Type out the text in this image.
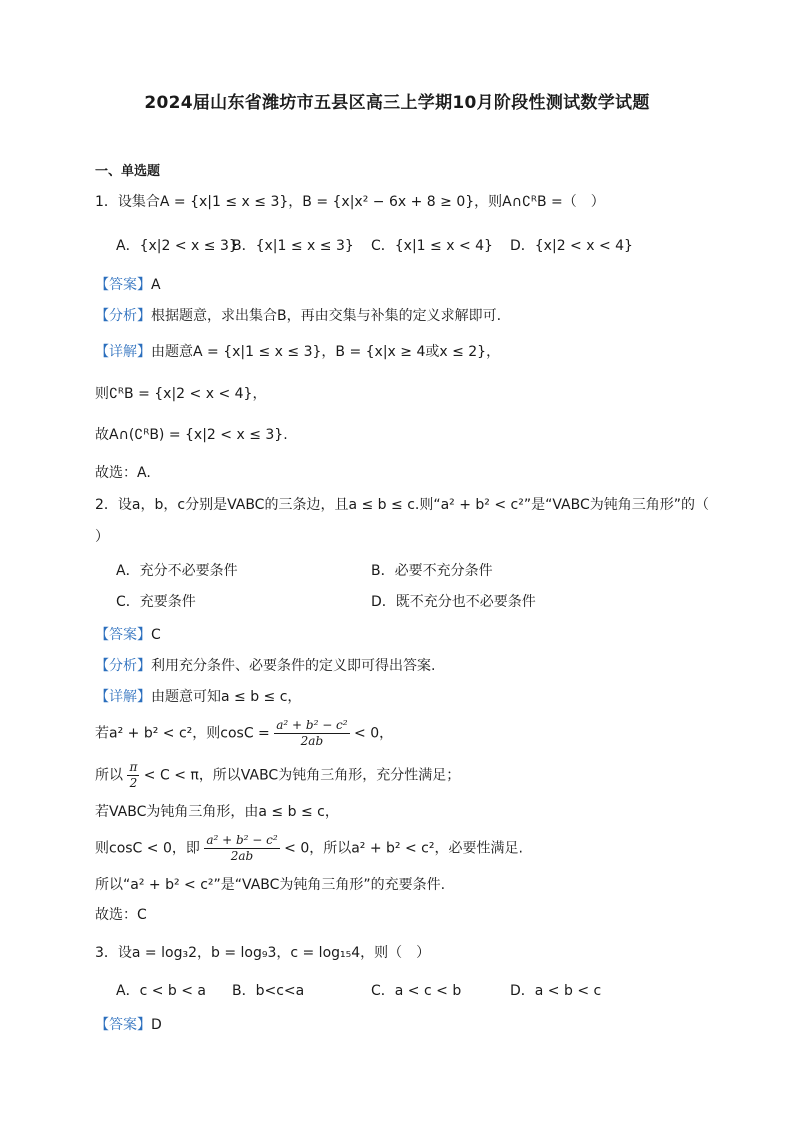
2024届山东省潍坊市五县区高三上学期10月阶段性测试数学试题
一、单选题
1．设集合A = {x|1 ≤ x ≤ 3}，B = {x|x² − 6x + 8 ≥ 0}，则A∩∁ᴿB =（　）
A．{x|2 < x ≤ 3}
B．{x|1 ≤ x ≤ 3} C．{x|1 ≤ x < 4} D．{x|2 < x < 4}
【答案】A
【分析】根据题意，求出集合B，再由交集与补集的定义求解即可.
【详解】由题意A = {x|1 ≤ x ≤ 3}，B = {x|x ≥ 4或x ≤ 2}，
则∁ᴿB = {x|2 < x < 4}，
故A∩(∁ᴿB) = {x|2 < x ≤ 3}.
故选：A.
2．设a，b，c分别是VABC的三条边，且a ≤ b ≤ c.则“a² + b² < c²”是“VABC为钝角三角形”的（
）
A．充分不必要条件	B．必要不充分条件
C．充要条件	D．既不充分也不必要条件
【答案】C
【分析】利用充分条件、必要条件的定义即可得出答案.
【详解】由题意可知a ≤ b ≤ c，
若a² + b² < c²，则$\cos C = \frac{\text{a² + b² − c²}}{2ab} < 0$，
所以 $\frac{\pi}{2} < C < \pi$，所以VABC为钝角三角形，充分性满足；
若VABC为钝角三角形，由a ≤ b ≤ c，
则cosC < 0，即 $\frac{\text{a² + b² − c²}}{2ab} < 0$，所以a² + b² < c²，必要性满足.
所以“a² + b² < c²”是“VABC为钝角三角形”的充要条件.
故选：C
3．设a = log₃2，b = log₉3，c = log₁₅4，则（　）
A．c < b < a B．b<c<a	C．a < c < b	D．a < b < c
【答案】D
